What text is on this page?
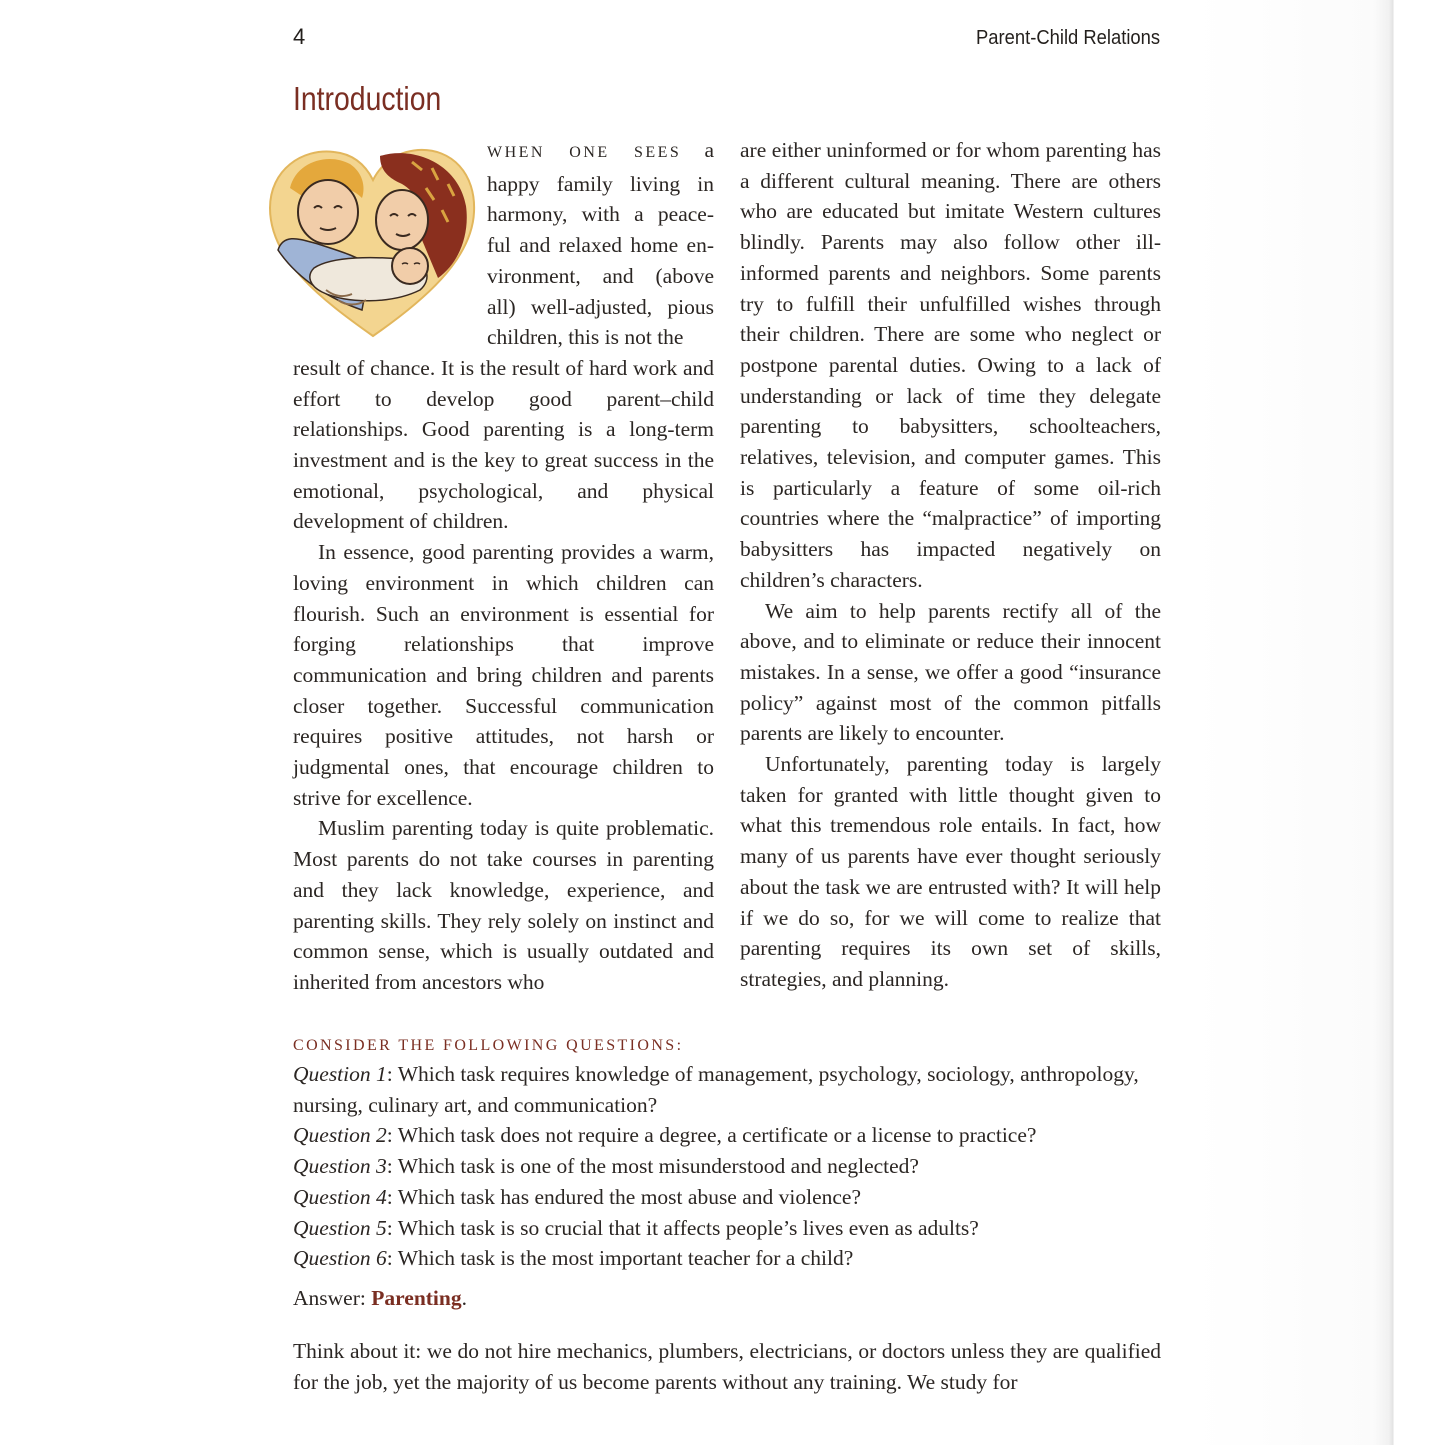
4	Parent-Child Relations
Introduction

WHEN ONE SEES a happy family living in harmony, with a peace- ful and relaxed home en- vironment, and (above all) well-adjusted, pious children, this is not the

result of chance. It is the result of hard work and effort to develop good parent–child relationships. Good parenting is a long-term investment and is the key to great success in the emotional, psychological, and physical development of children.

In essence, good parenting provides a warm, loving environment in which children can flourish. Such an environment is essential for forging relationships that improve communication and bring children and parents closer together. Successful communication requires positive attitudes, not harsh or judgmental ones, that encourage children to strive for excellence.

Muslim parenting today is quite problematic. Most parents do not take courses in parenting and they lack knowledge, experience, and parenting skills. They rely solely on instinct and common sense, which is usually outdated and inherited from ancestors who

are either uninformed or for whom parenting has a different cultural meaning. There are others who are educated but imitate Western cultures blindly. Parents may also follow other ill-informed parents and neighbors. Some parents try to fulfill their unfulfilled wishes through their children. There are some who neglect or postpone parental duties. Owing to a lack of understanding or lack of time they delegate parenting to babysitters, schoolteachers, relatives, television, and computer games. This is particularly a feature of some oil-rich countries where the “malpractice” of importing babysitters has impacted negatively on children’s characters.

We aim to help parents rectify all of the above, and to eliminate or reduce their innocent mistakes. In a sense, we offer a good “insurance policy” against most of the common pitfalls parents are likely to encounter.

Unfortunately, parenting today is largely taken for granted with little thought given to what this tremendous role entails. In fact, how many of us parents have ever thought seriously about the task we are entrusted with? It will help if we do so, for we will come to realize that parenting requires its own set of skills, strategies, and planning.

CONSIDER THE FOLLOWING QUESTIONS:

Question 1: Which task requires knowledge of management, psychology, sociology, anthropology, nursing, culinary art, and communication?

Question 2: Which task does not require a degree, a certificate or a license to practice?

Question 3: Which task is one of the most misunderstood and neglected?

Question 4: Which task has endured the most abuse and violence?

Question 5: Which task is so crucial that it affects people’s lives even as adults?

Question 6: Which task is the most important teacher for a child?

Answer: Parenting.

Think about it: we do not hire mechanics, plumbers, electricians, or doctors unless they are qualified for the job, yet the majority of us become parents without any training. We study for
